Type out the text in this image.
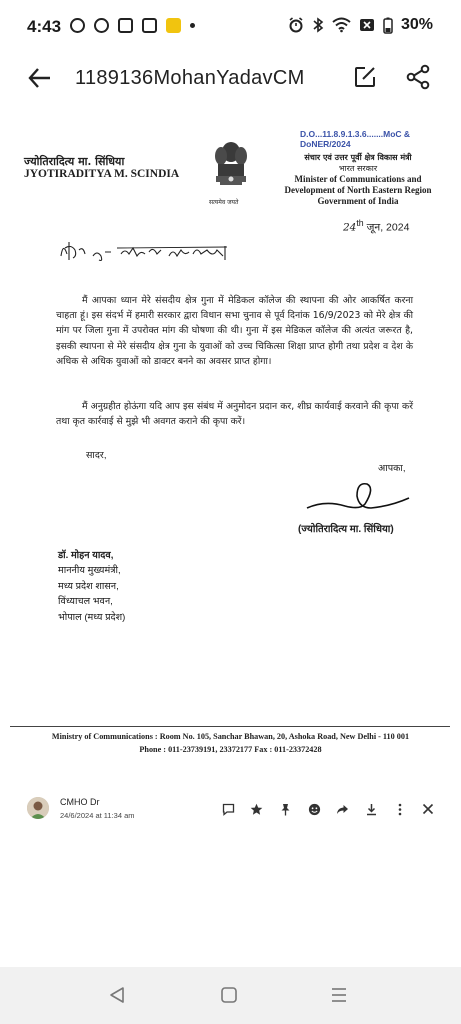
4:43	30%
1189136MohanYadavCM
D.O...11.8.9.1.3.6.......MoC & DoNER/2024
ज्योतिरादित्य मा. सिंधिया
JYOTIRADITYA M. SCINDIA
सत्यमेव जयते
संचार एवं उत्तर पूर्वी क्षेत्र विकास मंत्री
भारत सरकार
Minister of Communications and
Development of North Eastern Region
Government of India
24th जून, 2024
मैं आपका ध्यान मेरे संसदीय क्षेत्र गुना में मेडिकल कॉलेज की स्थापना की ओर आकर्षित करना चाहता हूं। इस संदर्भ में हमारी सरकार द्वारा विधान सभा चुनाव से पूर्व दिनांक 16/9/2023 को मेरे क्षेत्र की मांग पर जिला गुना में उपरोक्त मांग की घोषणा की थी। गुना में इस मेडिकल कॉलेज की अत्यंत जरूरत है, इसकी स्थापना से मेरे संसदीय क्षेत्र गुना के युवाओं को उच्च चिकित्सा शिक्षा प्राप्त होगी तथा प्रदेश व देश के अधिक से अधिक युवाओं को डाक्टर बनने का अवसर प्राप्त होगा।
मैं अनुग्रहीत होऊंगा यदि आप इस संबंध में अनुमोदन प्रदान कर, शीघ्र कार्यवाई करवाने की कृपा करें तथा कृत कार्रवाई से मुझे भी अवगत कराने की कृपा करें।
सादर,
आपका,
(ज्योतिरादित्य मा. सिंधिया)
डॉ. मोहन यादव,
माननीय मुख्यमंत्री,
मध्य प्रदेश शासन,
विंध्याचल भवन,
भोपाल (मध्य प्रदेश)
Ministry of Communications : Room No. 105, Sanchar Bhawan, 20, Ashoka Road, New Delhi - 110 001
Phone : 011-23739191, 23372177 Fax : 011-23372428
CMHO Dr
24/6/2024 at 11:34 am
